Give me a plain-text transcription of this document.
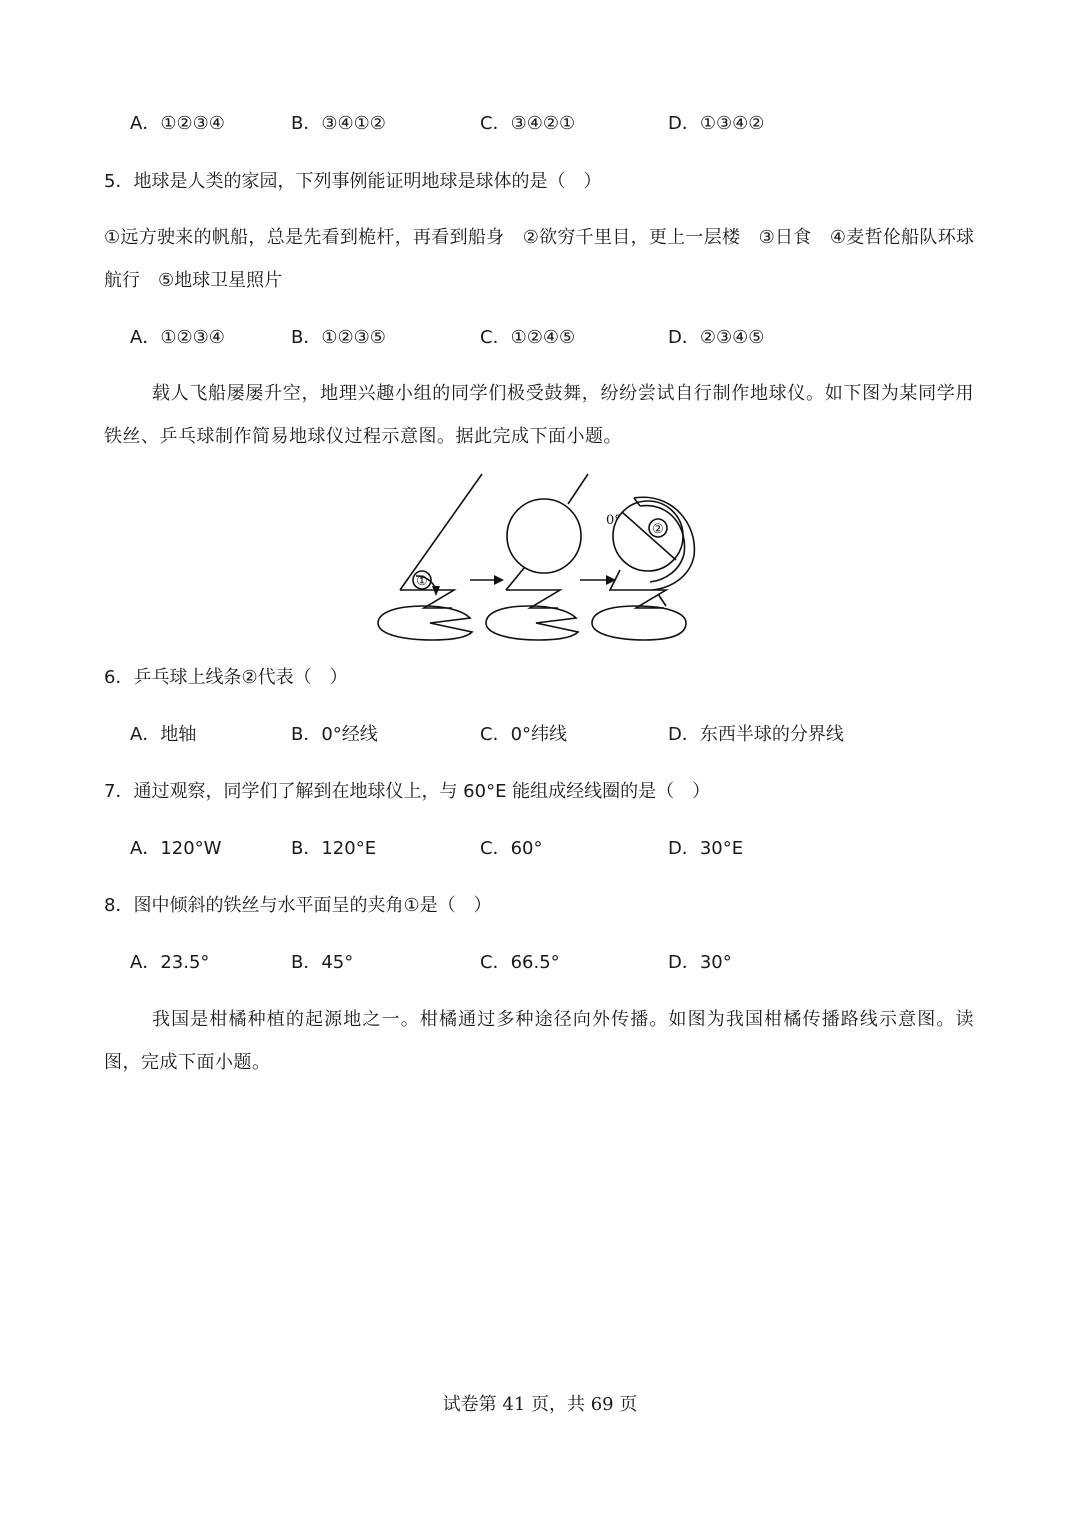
A．①②③④	B．③④①②	C．③④②①	D．①③④②
5．地球是人类的家园，下列事例能证明地球是球体的是（　）
①远方驶来的帆船，总是先看到桅杆，再看到船身　②欲穷千里目，更上一层楼　③日食　④麦哲伦船队环球航行　⑤地球卫星照片
A．①②③④	B．①②③⑤	C．①②④⑤	D．②③④⑤
载人飞船屡屡升空，地理兴趣小组的同学们极受鼓舞，纷纷尝试自行制作地球仪。如下图为某同学用铁丝、乒乓球制作简易地球仪过程示意图。据此完成下面小题。
①
②
0°
6．乒乓球上线条②代表（　）
A．地轴	B．0°经线	C．0°纬线	D．东西半球的分界线
7．通过观察，同学们了解到在地球仪上，与 60°E 能组成经线圈的是（　）
A．120°W	B．120°E	C．60°	D．30°E
8．图中倾斜的铁丝与水平面呈的夹角①是（　）
A．23.5°	B．45°	C．66.5°	D．30°
我国是柑橘种植的起源地之一。柑橘通过多种途径向外传播。如图为我国柑橘传播路线示意图。读图，完成下面小题。
试卷第 41 页，共 69 页
